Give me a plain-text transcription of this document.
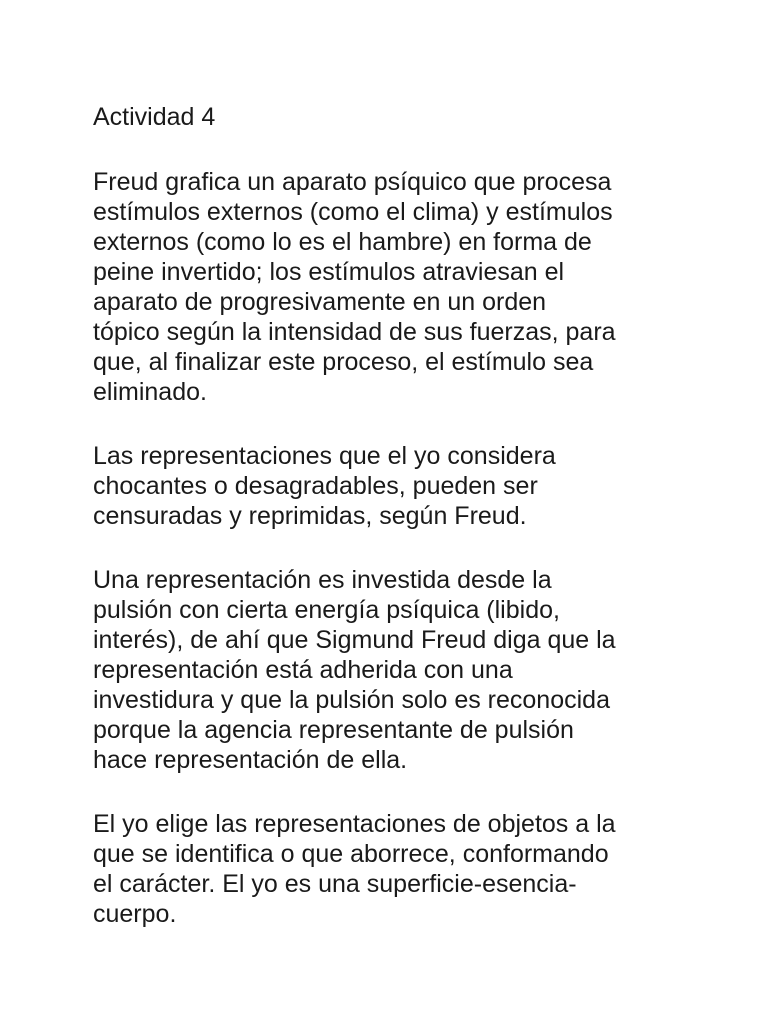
Actividad 4
Freud grafica un aparato psíquico que procesa
estímulos externos (como el clima) y estímulos
externos (como lo es el hambre) en forma de
peine invertido; los estímulos atraviesan el
aparato de progresivamente en un orden
tópico según la intensidad de sus fuerzas, para
que, al finalizar este proceso, el estímulo sea
eliminado.
Las representaciones que el yo considera
chocantes o desagradables, pueden ser
censuradas y reprimidas, según Freud.
Una representación es investida desde la
pulsión con cierta energía psíquica (libido,
interés), de ahí que Sigmund Freud diga que la
representación está adherida con una
investidura y que la pulsión solo es reconocida
porque la agencia representante de pulsión
hace representación de ella.
El yo elige las representaciones de objetos a la
que se identifica o que aborrece, conformando
el carácter. El yo es una superficie-esencia-
cuerpo.
